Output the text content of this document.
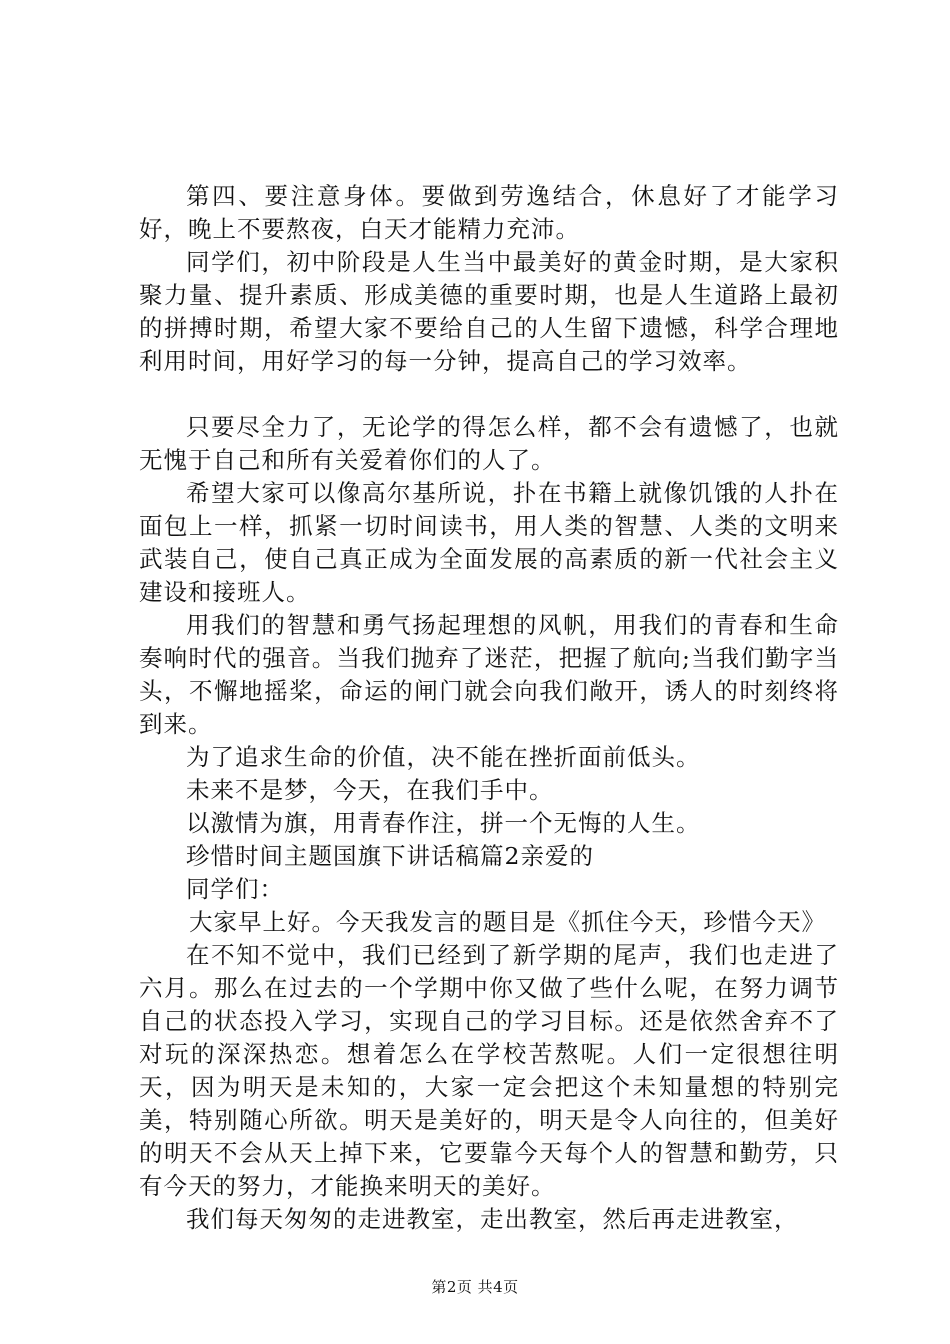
第四、要注意身体。要做到劳逸结合，休息好了才能学习好，晚上不要熬夜，白天才能精力充沛。

同学们，初中阶段是人生当中最美好的黄金时期，是大家积聚力量、提升素质、形成美德的重要时期，也是人生道路上最初的拼搏时期，希望大家不要给自己的人生留下遗憾，科学合理地利用时间，用好学习的每一分钟，提高自己的学习效率。

只要尽全力了，无论学的得怎么样，都不会有遗憾了，也就无愧于自己和所有关爱着你们的人了。

希望大家可以像高尔基所说，扑在书籍上就像饥饿的人扑在面包上一样，抓紧一切时间读书，用人类的智慧、人类的文明来武装自己，使自己真正成为全面发展的高素质的新一代社会主义建设和接班人。

用我们的智慧和勇气扬起理想的风帆，用我们的青春和生命奏响时代的强音。当我们抛弃了迷茫，把握了航向;当我们勤字当头，不懈地摇桨，命运的闸门就会向我们敞开，诱人的时刻终将到来。

为了追求生命的价值，决不能在挫折面前低头。

未来不是梦，今天，在我们手中。

以激情为旗，用青春作注，拼一个无悔的人生。

珍惜时间主题国旗下讲话稿篇2亲爱的

同学们：

大家早上好。今天我发言的题目是《抓住今天，珍惜今天》

在不知不觉中，我们已经到了新学期的尾声，我们也走进了六月。那么在过去的一个学期中你又做了些什么呢，在努力调节自己的状态投入学习，实现自己的学习目标。还是依然舍弃不了对玩的深深热恋。想着怎么在学校苦熬呢。人们一定很想往明天，因为明天是未知的，大家一定会把这个未知量想的特别完美，特别随心所欲。明天是美好的，明天是令人向往的，但美好的明天不会从天上掉下来，它要靠今天每个人的智慧和勤劳，只有今天的努力，才能换来明天的美好。

我们每天匆匆的走进教室，走出教室，然后再走进教室，

第2页 共4页
